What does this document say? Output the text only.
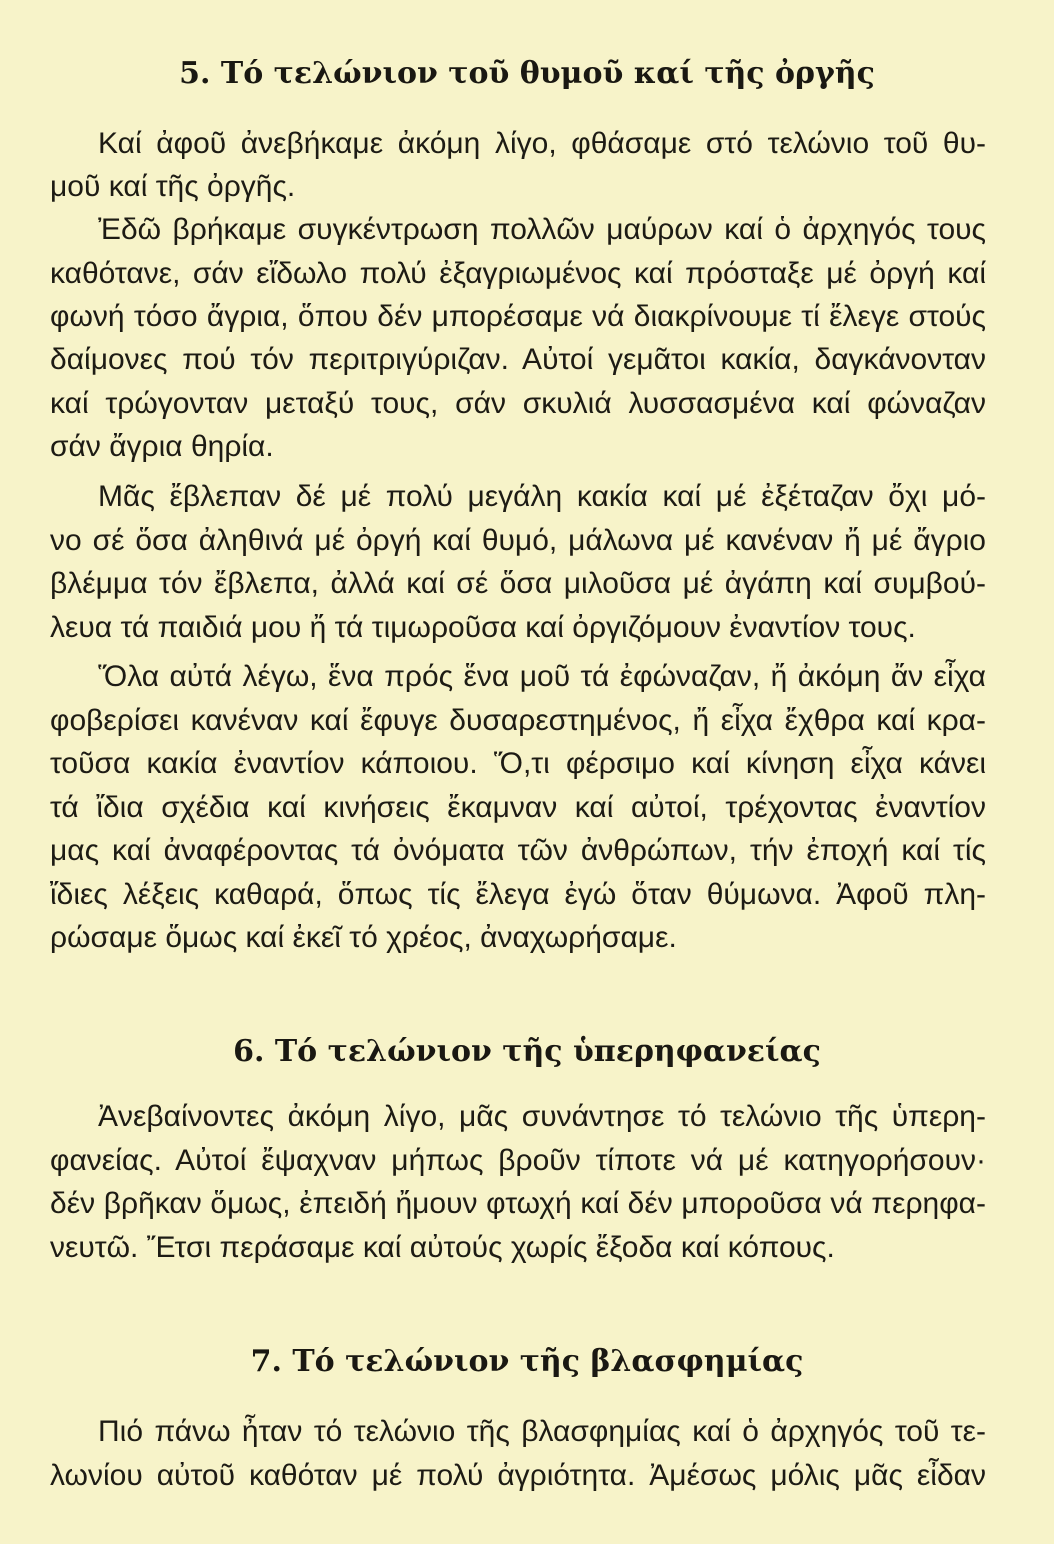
5. Τό τελώνιον τοῦ θυμοῦ καί τῆς ὀργῆς
Καί ἀφοῦ ἀνεβήκαμε ἀκόμη λίγο, φθάσαμε στό τελώνιο τοῦ θυ-
μοῦ καί τῆς ὀργῆς.
Ἐδῶ βρήκαμε συγκέντρωση πολλῶν μαύρων καί ὁ ἀρχηγός τους
καθότανε, σάν εἴδωλο πολύ ἐξαγριωμένος καί πρόσταξε μέ ὀργή καί
φωνή τόσο ἄγρια, ὅπου δέν μπορέσαμε νά διακρίνουμε τί ἔλεγε στούς
δαίμονες πού τόν περιτριγύριζαν. Αὐτοί γεμᾶτοι κακία, δαγκάνονταν
καί τρώγονταν μεταξύ τους, σάν σκυλιά λυσσασμένα καί φώναζαν
σάν ἄγρια θηρία.
Μᾶς ἔβλεπαν δέ μέ πολύ μεγάλη κακία καί μέ ἐξέταζαν ὄχι μό-
νο σέ ὅσα ἀληθινά μέ ὀργή καί θυμό, μάλωνα μέ κανέναν ἤ μέ ἄγριο
βλέμμα τόν ἔβλεπα, ἀλλά καί σέ ὅσα μιλοῦσα μέ ἀγάπη καί συμβού-
λευα τά παιδιά μου ἤ τά τιμωροῦσα καί ὀργιζόμουν ἐναντίον τους.
Ὅλα αὐτά λέγω, ἕνα πρός ἕνα μοῦ τά ἐφώναζαν, ἤ ἀκόμη ἄν εἶχα
φοβερίσει κανέναν καί ἔφυγε δυσαρεστημένος, ἤ εἶχα ἔχθρα καί κρα-
τοῦσα κακία ἐναντίον κάποιου. Ὅ,τι φέρσιμο καί κίνηση εἶχα κάνει
τά ἴδια σχέδια καί κινήσεις ἔκαμναν καί αὐτοί, τρέχοντας ἐναντίον
μας καί ἀναφέροντας τά ὀνόματα τῶν ἀνθρώπων, τήν ἐποχή καί τίς
ἴδιες λέξεις καθαρά, ὅπως τίς ἔλεγα ἐγώ ὅταν θύμωνα. Ἀφοῦ πλη-
ρώσαμε ὅμως καί ἐκεῖ τό χρέος, ἀναχωρήσαμε.
6. Τό τελώνιον τῆς ὑπερηφανείας
Ἀνεβαίνοντες ἀκόμη λίγο, μᾶς συνάντησε τό τελώνιο τῆς ὑπερη-
φανείας. Αὐτοί ἔψαχναν μήπως βροῦν τίποτε νά μέ κατηγορήσουν·
δέν βρῆκαν ὅμως, ἐπειδή ἤμουν φτωχή καί δέν μποροῦσα νά περηφα-
νευτῶ. Ἔτσι περάσαμε καί αὐτούς χωρίς ἔξοδα καί κόπους.
7. Τό τελώνιον τῆς βλασφημίας
Πιό πάνω ἦταν τό τελώνιο τῆς βλασφημίας καί ὁ ἀρχηγός τοῦ τε-
λωνίου αὐτοῦ καθόταν μέ πολύ ἀγριότητα. Ἀμέσως μόλις μᾶς εἶδαν
